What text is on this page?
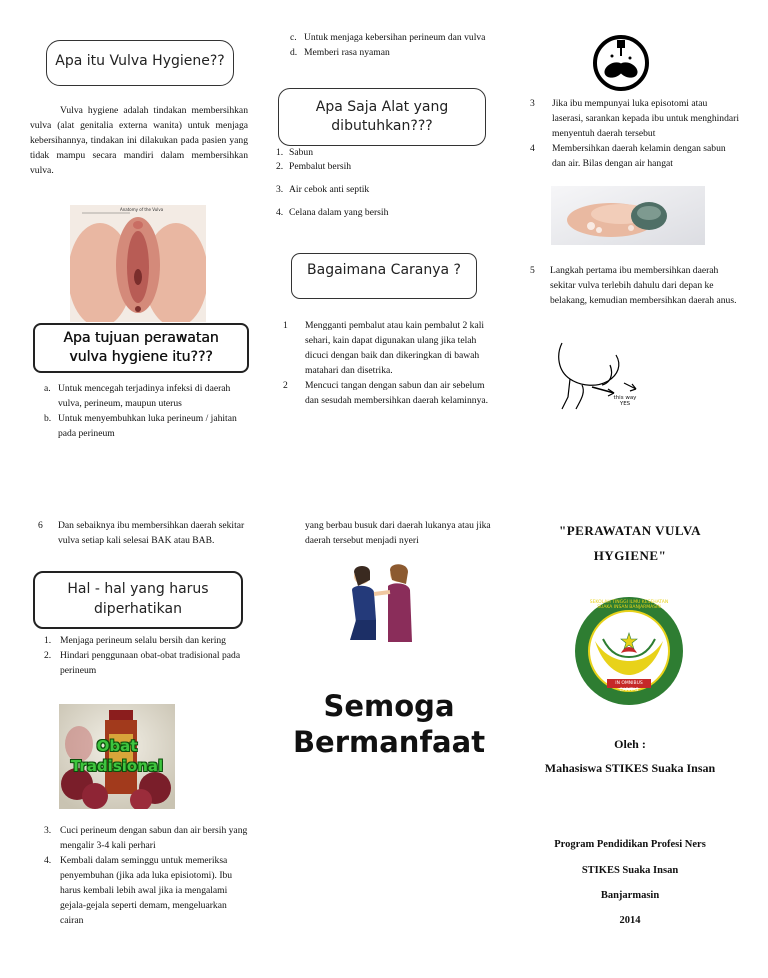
Apa itu Vulva Hygiene??
Vulva hygiene adalah tindakan membersihkan vulva (alat genitalia externa wanita) untuk menjaga kebersihannya, tindakan ini dilakukan pada pasien yang tidak mampu secara mandiri dalam membersihkan vulva.
Anatomy of the Vulva
Apa tujuan perawatan vulva hygiene itu???
a. Untuk mencegah terjadinya infeksi di daerah vulva, perineum, maupun uterus
b. Untuk menyembuhkan luka perineum / jahitan pada perineum
c. Untuk menjaga kebersihan perineum dan vulva
d. Memberi rasa nyaman
Apa Saja Alat yang dibutuhkan???
1. Sabun
2. Pembalut bersih
3. Air cebok anti septik
4. Celana dalam yang bersih
Bagaimana Caranya ?
1 Mengganti pembalut atau kain pembalut 2 kali sehari, kain dapat digunakan ulang jika telah dicuci dengan baik dan dikeringkan di bawah matahari dan disetrika.
2 Mencuci tangan dengan sabun dan air sebelum dan sesudah membersihkan daerah kelaminnya.
3 Jika ibu mempunyai luka episotomi atau laserasi, sarankan kepada ibu untuk menghindari menyentuh daerah tersebut
4 Membersihkan daerah kelamin dengan sabun dan air. Bilas dengan air hangat
5 Langkah pertama ibu membersihkan daerah sekitar vulva terlebih dahulu dari depan ke belakang, kemudian membersihkan daerah anus.
this way YES
6 Dan sebaiknya ibu membersihkan daerah sekitar vulva setiap kali selesai BAK atau BAB.
Hal - hal yang harus diperhatikan
1. Menjaga perineum selalu bersih dan kering
2. Hindari penggunaan obat-obat tradisional pada perineum
Obat Tradisional
3. Cuci perineum dengan sabun dan air bersih yang mengalir 3-4 kali perhari
4. Kembali dalam seminggu untuk memeriksa penyembuhan (jika ada luka episiotomi). Ibu harus kembali lebih awal jika ia mengalami gejala-gejala seperti demam, mengeluarkan cairan
yang berbau busuk dari daerah lukanya atau jika daerah tersebut menjadi nyeri
Semoga
Bermanfaat
"PERAWATAN VULVA HYGIENE"
SEKOLAH TINGGI ILMU KESEHATAN SUAKA INSAN BANJARMASIN
IN OMNIBUS CARITAS
Oleh :
Mahasiswa STIKES Suaka Insan
Program Pendidikan Profesi Ners
STIKES Suaka Insan
Banjarmasin
2014
